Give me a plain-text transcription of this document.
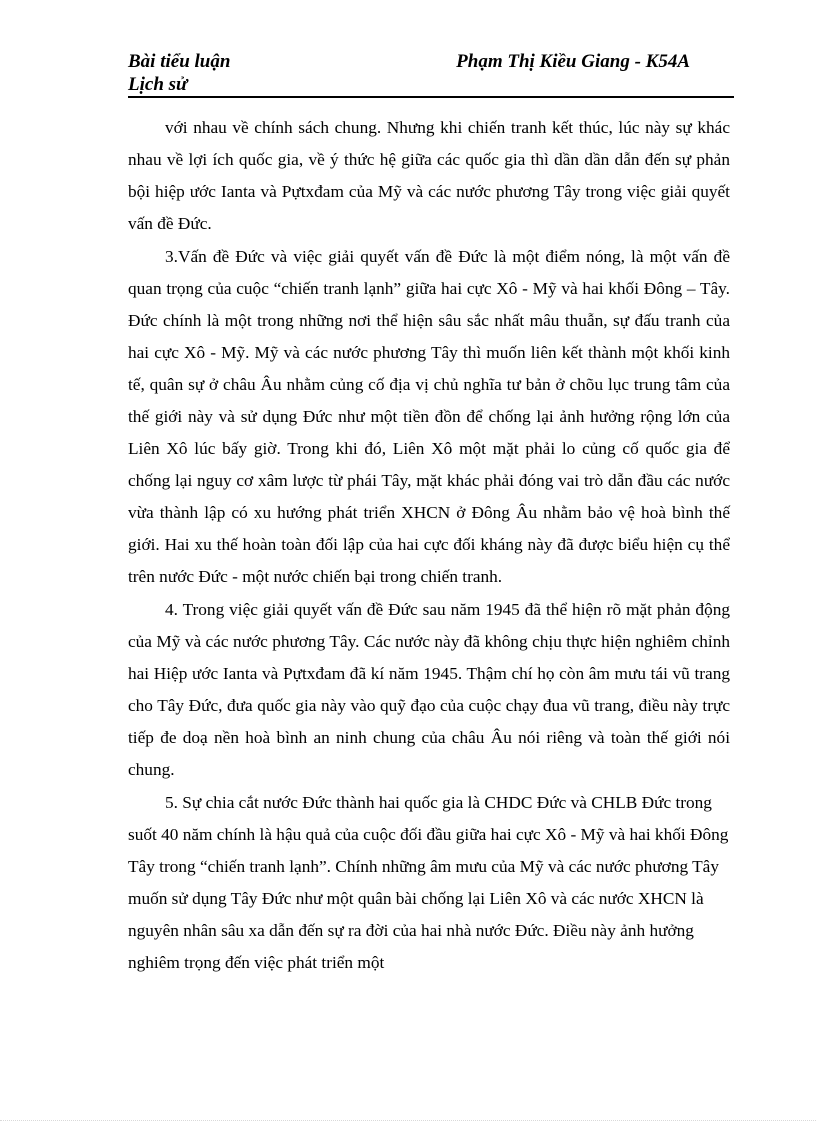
Bài tiểu luận
Lịch sử
Phạm Thị Kiều Giang - K54A

với nhau về chính sách chung. Nhưng khi chiến tranh kết thúc, lúc này sự khác nhau về lợi ích quốc gia, về ý thức hệ giữa các quốc gia thì dần dần dẫn đến sự phản bội hiệp ước Ianta và Pựtxđam của Mỹ và các nước phương Tây trong việc giải quyết vấn đề Đức.

3.Vấn đề Đức và việc giải quyết vấn đề Đức là một điểm nóng, là một vấn đề quan trọng của cuộc “chiến tranh lạnh” giữa hai cực Xô - Mỹ và hai khối Đông – Tây. Đức chính là một trong những nơi thể hiện sâu sắc nhất mâu thuẫn, sự đấu tranh của hai cực Xô - Mỹ. Mỹ và các nước phương Tây thì muốn liên kết thành một khối kinh tế, quân sự ở châu Âu nhằm củng cố địa vị chủ nghĩa tư bản ở chõu lục trung tâm của thế giới này và sử dụng Đức như một tiền đồn để chống lại ảnh hưởng rộng lớn của Liên Xô lúc bấy giờ. Trong khi đó, Liên Xô một mặt phải lo củng cố quốc gia để chống lại nguy cơ xâm lược từ phái Tây, mặt khác phải đóng vai trò dẫn đầu các nước vừa thành lập có xu hướng phát triển XHCN ở Đông Âu nhằm bảo vệ hoà bình thế giới. Hai xu thế hoàn toàn đối lập của hai cực đối kháng này đã được biểu hiện cụ thể trên nước Đức - một nước chiến bại trong chiến tranh.

4. Trong việc giải quyết vấn đề Đức sau năm 1945 đã thể hiện rõ mặt phản động của Mỹ và các nước phương Tây. Các nước này đã không chịu thực hiện nghiêm chỉnh hai Hiệp ước Ianta và Pựtxđam đã kí năm 1945. Thậm chí họ còn âm mưu tái vũ trang cho Tây Đức, đưa quốc gia này vào quỹ đạo của cuộc chạy đua vũ trang, điều này trực tiếp đe doạ nền hoà bình an ninh chung của châu Âu nói riêng và toàn thế giới nói chung.

5. Sự chia cắt nước Đức thành hai quốc gia là CHDC Đức và CHLB Đức trong suốt 40 năm chính là hậu quả của cuộc đối đầu giữa hai cực Xô - Mỹ và hai khối Đông Tây trong “chiến tranh lạnh”. Chính những âm mưu của Mỹ và các nước phương Tây muốn sử dụng Tây Đức như một quân bài chống lại Liên Xô và các nước XHCN là nguyên nhân sâu xa dẫn đến sự ra đời của hai nhà nước Đức. Điều này ảnh hưởng nghiêm trọng đến việc phát triển một
